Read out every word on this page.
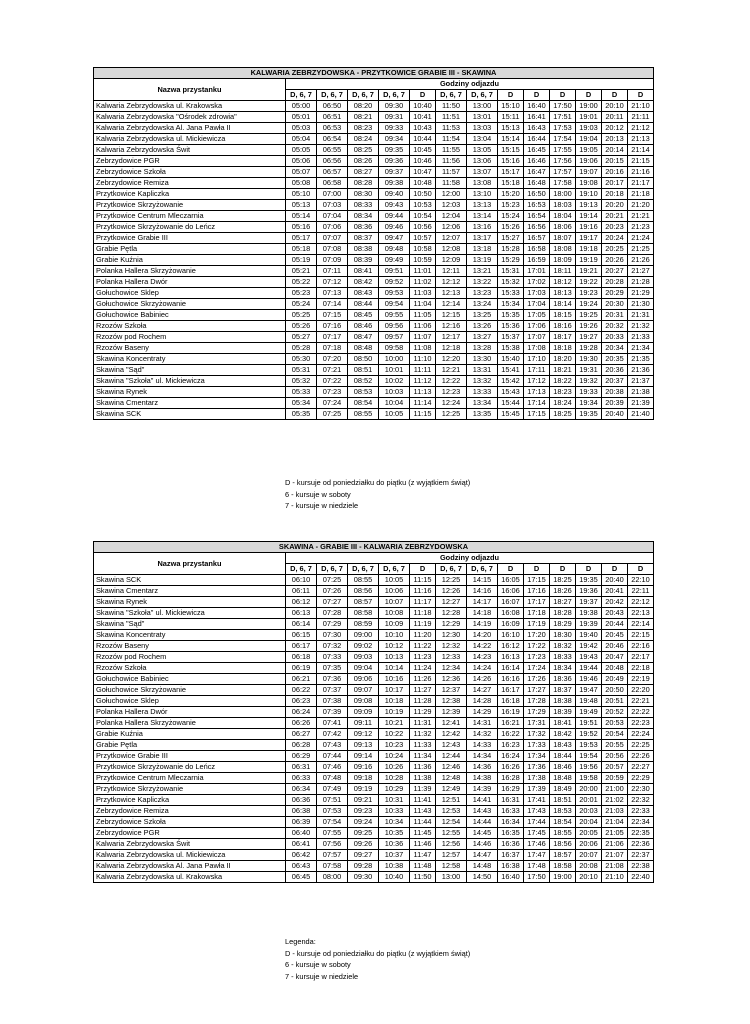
KALWARIA ZEBRZYDOWSKA - PRZYTKOWICE GRABIE III - SKAWINA													
Nazwa przystanku	Godziny odjazdu												
	D, 6, 7	D, 6, 7	D, 6, 7	D, 6, 7	D	D, 6, 7	D, 6, 7	D	D	D	D	D	D
Kalwaria Zebrzydowska ul. Krakowska	05:00	06:50	08:20	09:30	10:40	11:50	13:00	15:10	16:40	17:50	19:00	20:10	21:10
Kalwaria Zebrzydowska "Ośrodek zdrowia"	05:01	06:51	08:21	09:31	10:41	11:51	13:01	15:11	16:41	17:51	19:01	20:11	21:11
Kalwaria Zebrzydowska Al. Jana Pawła II	05:03	06:53	08:23	09:33	10:43	11:53	13:03	15:13	16:43	17:53	19:03	20:12	21:12
Kalwaria Zebrzydowska ul. Mickiewicza	05:04	06:54	08:24	09:34	10:44	11:54	13:04	15:14	16:44	17:54	19:04	20:13	21:13
Kalwaria Zebrzydowska Świt	05:05	06:55	08:25	09:35	10:45	11:55	13:05	15:15	16:45	17:55	19:05	20:14	21:14
Zebrzydowice PGR	05:06	06:56	08:26	09:36	10:46	11:56	13:06	15:16	16:46	17:56	19:06	20:15	21:15
Zebrzydowice Szkoła	05:07	06:57	08:27	09:37	10:47	11:57	13:07	15:17	16:47	17:57	19:07	20:16	21:16
Zebrzydowice Remiza	05:08	06:58	08:28	09:38	10:48	11:58	13:08	15:18	16:48	17:58	19:08	20:17	21:17
Przytkowice Kapliczka	05:10	07:00	08:30	09:40	10:50	12:00	13:10	15:20	16:50	18:00	19:10	20:18	21:18
Przytkowice Skrzyżowanie	05:13	07:03	08:33	09:43	10:53	12:03	13:13	15:23	16:53	18:03	19:13	20:20	21:20
Przytkowice Centrum Mleczarnia	05:14	07:04	08:34	09:44	10:54	12:04	13:14	15:24	16:54	18:04	19:14	20:21	21:21
Przytkowice Skrzyżowanie do Leńcz	05:16	07:06	08:36	09:46	10:56	12:06	13:16	15:26	16:56	18:06	19:16	20:23	21:23
Przytkowice Grabie III	05:17	07:07	08:37	09:47	10:57	12:07	13:17	15:27	16:57	18:07	19:17	20:24	21:24
Grabie Pętla	05:18	07:08	08:38	09:48	10:58	12:08	13:18	15:28	16:58	18:08	19:18	20:25	21:25
Grabie Kuźnia	05:19	07:09	08:39	09:49	10:59	12:09	13:19	15:29	16:59	18:09	19:19	20:26	21:26
Polanka Hallera Skrzyżowanie	05:21	07:11	08:41	09:51	11:01	12:11	13:21	15:31	17:01	18:11	19:21	20:27	21:27
Polanka Hallera Dwór	05:22	07:12	08:42	09:52	11:02	12:12	13:22	15:32	17:02	18:12	19:22	20:28	21:28
Gołuchowice Sklep	05:23	07:13	08:43	09:53	11:03	12:13	13:23	15:33	17:03	18:13	19:23	20:29	21:29
Gołuchowice Skrzyżowanie	05:24	07:14	08:44	09:54	11:04	12:14	13:24	15:34	17:04	18:14	19:24	20:30	21:30
Gołuchowice Babiniec	05:25	07:15	08:45	09:55	11:05	12:15	13:25	15:35	17:05	18:15	19:25	20:31	21:31
Rzozów Szkoła	05:26	07:16	08:46	09:56	11:06	12:16	13:26	15:36	17:06	18:16	19:26	20:32	21:32
Rzozów pod Rochem	05:27	07:17	08:47	09:57	11:07	12:17	13:27	15:37	17:07	18:17	19:27	20:33	21:33
Rzozów Baseny	05:28	07:18	08:48	09:58	11:08	12:18	13:28	15:38	17:08	18:18	19:28	20:34	21:34
Skawina Koncentraty	05:30	07:20	08:50	10:00	11:10	12:20	13:30	15:40	17:10	18:20	19:30	20:35	21:35
Skawina "Sąd"	05:31	07:21	08:51	10:01	11:11	12:21	13:31	15:41	17:11	18:21	19:31	20:36	21:36
Skawina "Szkoła" ul. Mickiewicza	05:32	07:22	08:52	10:02	11:12	12:22	13:32	15:42	17:12	18:22	19:32	20:37	21:37
Skawina Rynek	05:33	07:23	08:53	10:03	11:13	12:23	13:33	15:43	17:13	18:23	19:33	20:38	21:38
Skawina Cmentarz	05:34	07:24	08:54	10:04	11:14	12:24	13:34	15:44	17:14	18:24	19:34	20:39	21:39
Skawina SCK	05:35	07:25	08:55	10:05	11:15	12:25	13:35	15:45	17:15	18:25	19:35	20:40	21:40
D - kursuje od poniedziałku do piątku (z wyjątkiem świąt)
6 - kursuje w soboty
7 - kursuje w niedziele
SKAWINA - GRABIE III - KALWARIA ZEBRZYDOWSKA													
Nazwa przystanku	Godziny odjazdu												
	D, 6, 7	D, 6, 7	D, 6, 7	D, 6, 7	D	D, 6, 7	D, 6, 7	D	D	D	D	D	D
Skawina SCK	06:10	07:25	08:55	10:05	11:15	12:25	14:15	16:05	17:15	18:25	19:35	20:40	22:10
Skawina Cmentarz	06:11	07:26	08:56	10:06	11:16	12:26	14:16	16:06	17:16	18:26	19:36	20:41	22:11
Skawina Rynek	06:12	07:27	08:57	10:07	11:17	12:27	14:17	16:07	17:17	18:27	19:37	20:42	22:12
Skawina "Szkoła" ul. Mickiewicza	06:13	07:28	08:58	10:08	11:18	12:28	14:18	16:08	17:18	18:28	19:38	20:43	22:13
Skawina "Sąd"	06:14	07:29	08:59	10:09	11:19	12:29	14:19	16:09	17:19	18:29	19:39	20:44	22:14
Skawina Koncentraty	06:15	07:30	09:00	10:10	11:20	12:30	14:20	16:10	17:20	18:30	19:40	20:45	22:15
Rzozów Baseny	06:17	07:32	09:02	10:12	11:22	12:32	14:22	16:12	17:22	18:32	19:42	20:46	22:16
Rzozów pod Rochem	06:18	07:33	09:03	10:13	11:23	12:33	14:23	16:13	17:23	18:33	19:43	20:47	22:17
Rzozów Szkoła	06:19	07:35	09:04	10:14	11:24	12:34	14:24	16:14	17:24	18:34	19:44	20:48	22:18
Gołuchowice Babiniec	06:21	07:36	09:06	10:16	11:26	12:36	14:26	16:16	17:26	18:36	19:46	20:49	22:19
Gołuchowice Skrzyżowanie	06:22	07:37	09:07	10:17	11:27	12:37	14:27	16:17	17:27	18:37	19:47	20:50	22:20
Gołuchowice Sklep	06:23	07:38	09:08	10:18	11:28	12:38	14:28	16:18	17:28	18:38	19:48	20:51	22:21
Polanka Hallera Dwór	06:24	07:39	09:09	10:19	11:29	12:39	14:29	16:19	17:29	18:39	19:49	20:52	22:22
Polanka Hallera Skrzyżowanie	06:26	07:41	09:11	10:21	11:31	12:41	14:31	16:21	17:31	18:41	19:51	20:53	22:23
Grabie Kuźnia	06:27	07:42	09:12	10:22	11:32	12:42	14:32	16:22	17:32	18:42	19:52	20:54	22:24
Grabie Pętla	06:28	07:43	09:13	10:23	11:33	12:43	14:33	16:23	17:33	18:43	19:53	20:55	22:25
Przytkowice Grabie III	06:29	07:44	09:14	10:24	11:34	12:44	14:34	16:24	17:34	18:44	19:54	20:56	22:26
Przytkowice Skrzyżowanie do Leńcz	06:31	07:46	09:16	10:26	11:36	12:46	14:36	16:26	17:36	18:46	19:56	20:57	22:27
Przytkowice Centrum Mleczarnia	06:33	07:48	09:18	10:28	11:38	12:48	14:38	16:28	17:38	18:48	19:58	20:59	22:29
Przytkowice Skrzyżowanie	06:34	07:49	09:19	10:29	11:39	12:49	14:39	16:29	17:39	18:49	20:00	21:00	22:30
Przytkowice Kapliczka	06:36	07:51	09:21	10:31	11:41	12:51	14:41	16:31	17:41	18:51	20:01	21:02	22:32
Zebrzydowice Remiza	06:38	07:53	09:23	10:33	11:43	12:53	14:43	16:33	17:43	18:53	20:03	21:03	22:33
Zebrzydowice Szkoła	06:39	07:54	09:24	10:34	11:44	12:54	14:44	16:34	17:44	18:54	20:04	21:04	22:34
Zebrzydowice PGR	06:40	07:55	09:25	10:35	11:45	12:55	14:45	16:35	17:45	18:55	20:05	21:05	22:35
Kalwaria Zebrzydowska Świt	06:41	07:56	09:26	10:36	11:46	12:56	14:46	16:36	17:46	18:56	20:06	21:06	22:36
Kalwaria Zebrzydowska ul. Mickiewicza	06:42	07:57	09:27	10:37	11:47	12:57	14:47	16:37	17:47	18:57	20:07	21:07	22:37
Kalwaria Zebrzydowska Al. Jana Pawła II	06:43	07:58	09:28	10:38	11:48	12:58	14:48	16:38	17:48	18:58	20:08	21:08	22:38
Kalwaria Zebrzydowska ul. Krakowska	06:45	08:00	09:30	10:40	11:50	13:00	14:50	16:40	17:50	19:00	20:10	21:10	22:40
Legenda:
D - kursuje od poniedziałku do piątku (z wyjątkiem świąt)
6 - kursuje w soboty
7 - kursuje w niedziele
